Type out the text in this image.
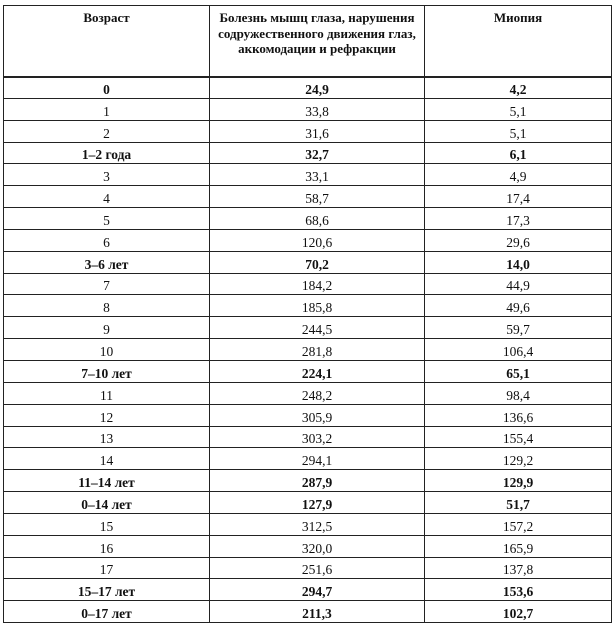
Возраст	Болезнь мышц глаза, нарушения содружественного движения глаз, аккомодации и рефракции	Миопия
0	24,9	4,2
1	33,8	5,1
2	31,6	5,1
1–2 года	32,7	6,1
3	33,1	4,9
4	58,7	17,4
5	68,6	17,3
6	120,6	29,6
3–6 лет	70,2	14,0
7	184,2	44,9
8	185,8	49,6
9	244,5	59,7
10	281,8	106,4
7–10 лет	224,1	65,1
11	248,2	98,4
12	305,9	136,6
13	303,2	155,4
14	294,1	129,2
11–14 лет	287,9	129,9
0–14 лет	127,9	51,7
15	312,5	157,2
16	320,0	165,9
17	251,6	137,8
15–17 лет	294,7	153,6
0–17 лет	211,3	102,7
